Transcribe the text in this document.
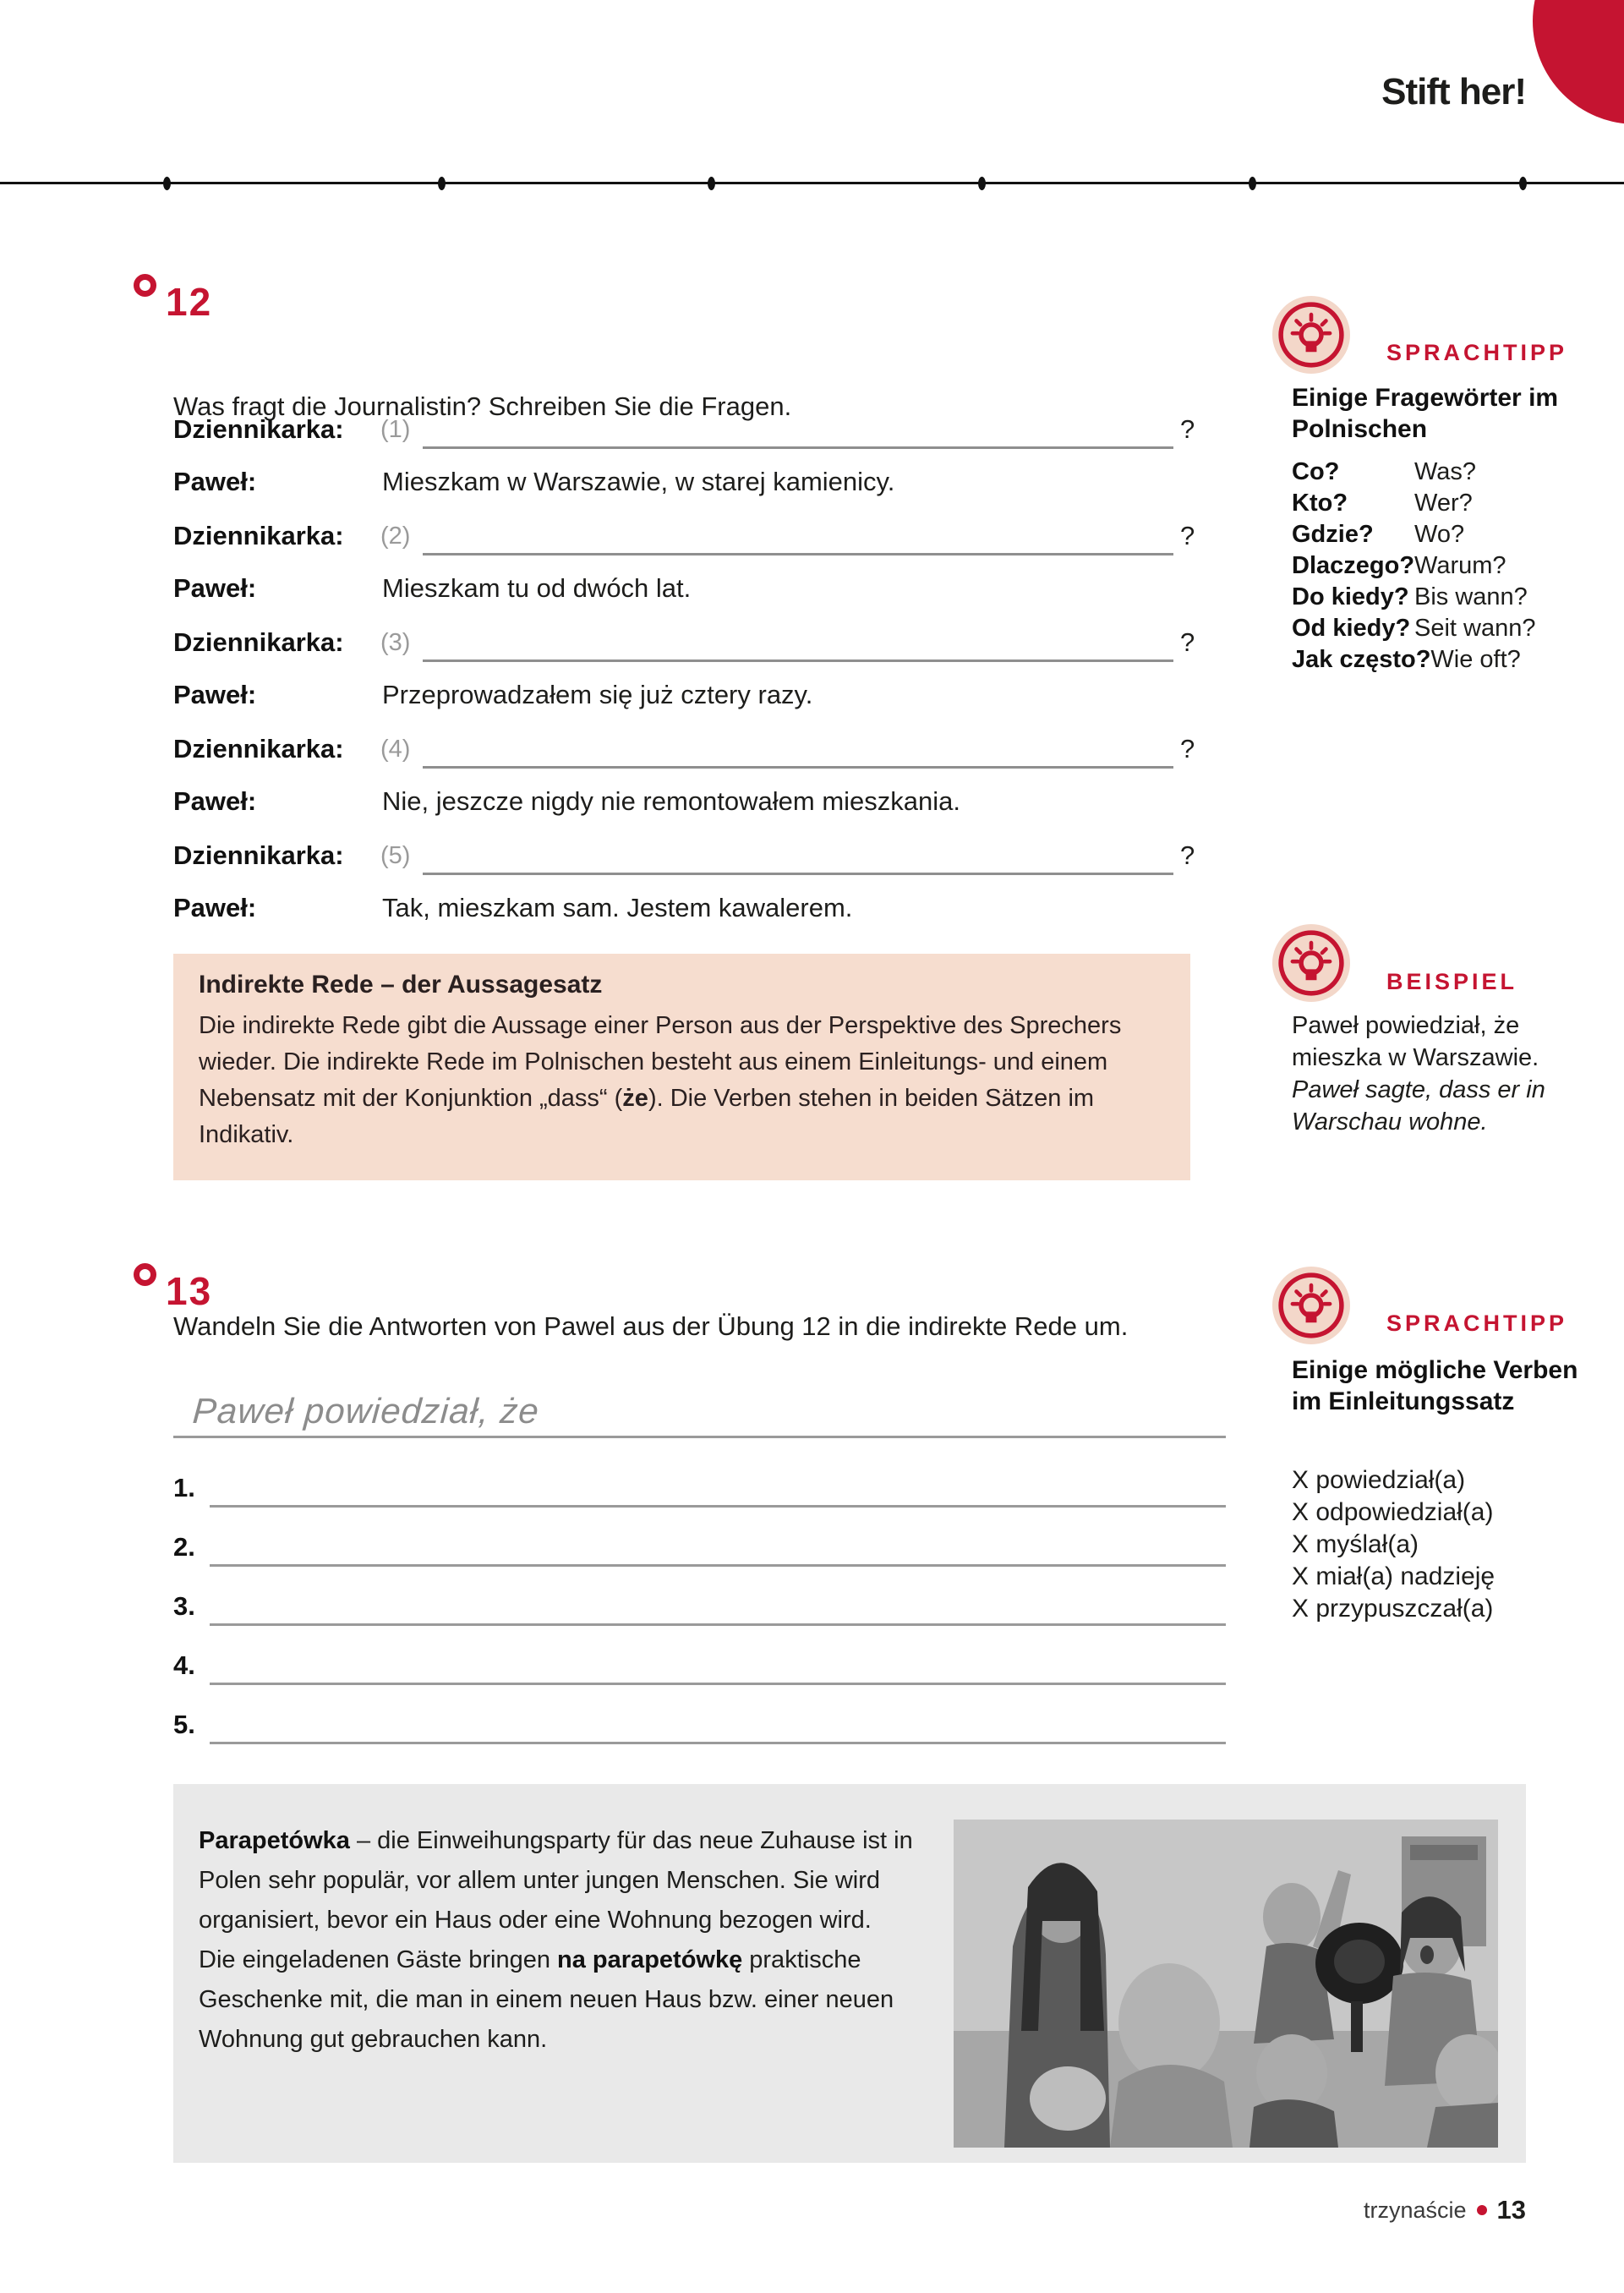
Stift her!
12
Was fragt die Journalistin? Schreiben Sie die Fragen.
Dziennikarka: (1)	?
Paweł:	Mieszkam w Warszawie, w starej kamienicy.
Dziennikarka: (2)	?
Paweł:	Mieszkam tu od dwóch lat.
Dziennikarka: (3)	?
Paweł:	Przeprowadzałem się już cztery razy.
Dziennikarka: (4)	?
Paweł:	Nie, jeszcze nigdy nie remontowałem mieszkania.
Dziennikarka: (5)	?
Paweł:	Tak, mieszkam sam. Jestem kawalerem.
Indirekte Rede – der Aussagesatz
Die indirekte Rede gibt die Aussage einer Person aus der Perspektive des Sprechers wieder. Die indirekte Rede im Polnischen besteht aus einem Einleitungs- und einem Nebensatz mit der Konjunktion „dass“ (że). Die Verben stehen in beiden Sätzen im Indikativ.
SPRACHTIPP
Einige Fragewörter im Polnischen
Co?	Was?
Kto?	Wer?
Gdzie? Wo?
Dlaczego?Warum?
Do kiedy? Bis wann?
Od kiedy? Seit wann?
Jak często?Wie oft?
BEISPIEL
Paweł powiedział, że mieszka w Warszawie.
Paweł sagte, dass er in Warschau wohne.
13
Wandeln Sie die Antworten von Pawel aus der Übung 12 in die indirekte Rede um.
Paweł powiedział, że
1.
2.
3.
4.
5.
SPRACHTIPP
Einige mögliche Verben im Einleitungssatz
X powiedział(a)
X odpowiedział(a)
X myślał(a)
X miał(a) nadzieję
X przypuszczał(a)
Parapetówka – die Einweihungsparty für das neue Zuhause ist in Polen sehr populär, vor allem unter jungen Menschen. Sie wird organisiert, bevor ein Haus oder eine Wohnung bezogen wird. Die eingeladenen Gäste bringen na parapetówkę praktische Geschenke mit, die man in einem neuen Haus bzw. einer neuen Wohnung gut gebrauchen kann.
trzynaście 13
